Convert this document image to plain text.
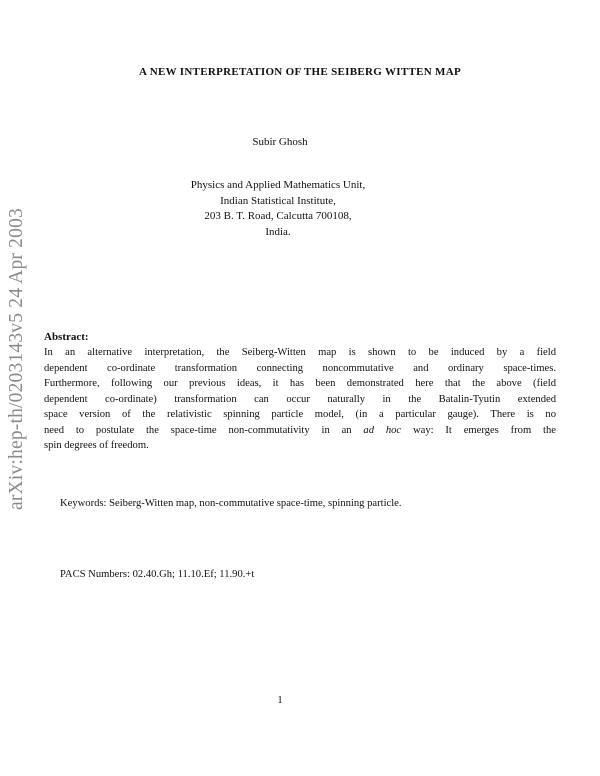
arXiv:hep-th/0203143v5 24 Apr 2003
A NEW INTERPRETATION OF THE SEIBERG WITTEN MAP
Subir Ghosh
Physics and Applied Mathematics Unit,
Indian Statistical Institute,
203 B. T. Road, Calcutta 700108,
India.
Abstract:
In an alternative interpretation, the Seiberg-Witten map is shown to be induced by a field
dependent co-ordinate transformation connecting noncommutative and ordinary space-times.
Furthermore, following our previous ideas, it has been demonstrated here that the above (field
dependent co-ordinate) transformation can occur naturally in the Batalin-Tyutin extended
space version of the relativistic spinning particle model, (in a particular gauge). There is no
need to postulate the space-time non-commutativity in an ad hoc way: It emerges from the
spin degrees of freedom.
Keywords: Seiberg-Witten map, non-commutative space-time, spinning particle.
PACS Numbers: 02.40.Gh; 11.10.Ef; 11.90.+t
1
